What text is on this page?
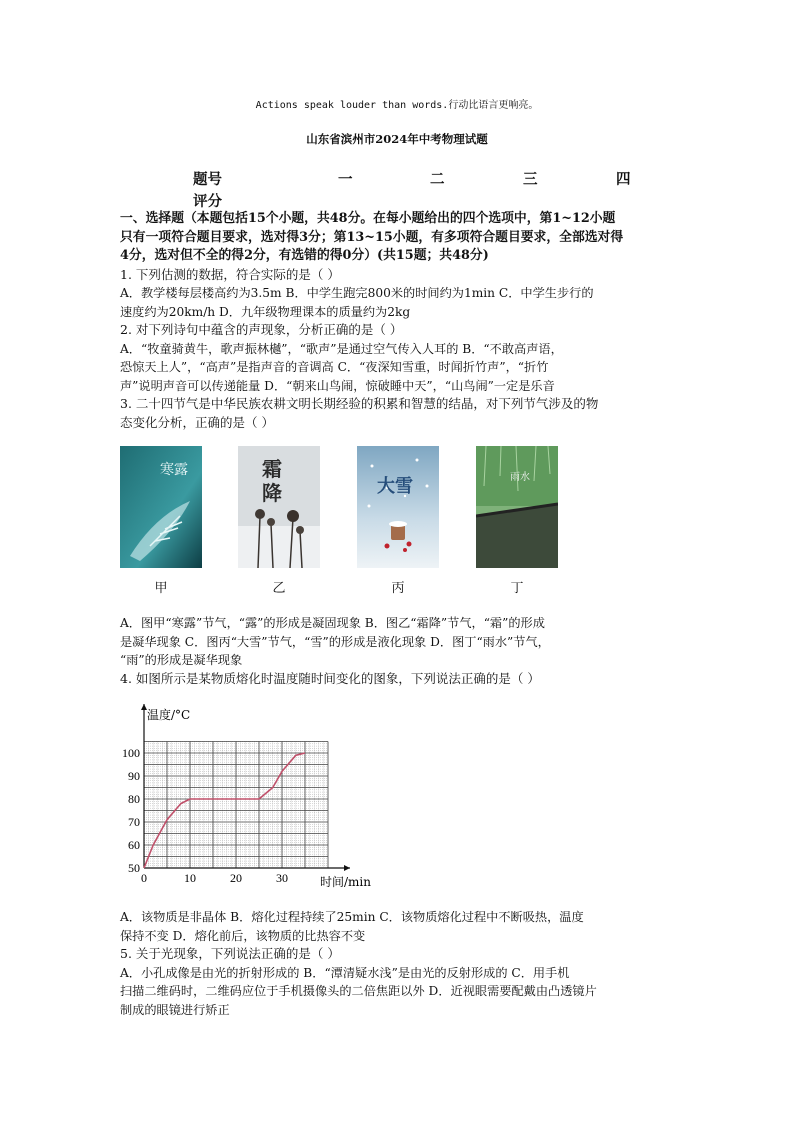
Actions speak louder than words.行动比语言更响亮。
山东省滨州市2024年中考物理试题
题号	一	二	三	四
评分
一、选择题（本题包括15个小题，共48分。在每小题给出的四个选项中，第1~12小题
只有一项符合题目要求，选对得3分；第13~15小题，有多项符合题目要求，全部选对得
4分，选对但不全的得2分，有选错的得0分）(共15题；共48分)
1. 下列估测的数据，符合实际的是（ ）
A．教学楼每层楼高约为3.5m B．中学生跑完800米的时间约为1min C．中学生步行的
速度约为20km/h D．九年级物理课本的质量约为2kg
2. 对下列诗句中蕴含的声现象，分析正确的是（ ）
A．“牧童骑黄牛，歌声振林樾”，“歌声”是通过空气传入人耳的 B．“不敢高声语，
恐惊天上人”，“高声”是指声音的音调高 C．“夜深知雪重，时闻折竹声”，“折竹
声”说明声音可以传递能量 D．“朝来山鸟闹，惊破睡中天”，“山鸟闹”一定是乐音
3. 二十四节气是中华民族农耕文明长期经验的积累和智慧的结晶，对下列节气涉及的物
态变化分析，正确的是（ ）
寒露	霜
降	大雪	雨水
甲	乙	丙	丁
A．图甲“寒露”节气，“露”的形成是凝固现象 B．图乙“霜降”节气，“霜”的形成
是凝华现象 C．图丙“大雪”节气，“雪”的形成是液化现象 D．图丁“雨水”节气，
“雨”的形成是凝华现象
4. 如图所示是某物质熔化时温度随时间变化的图象，下列说法正确的是（ ）
50
60
70
80
90
100
0	10	20	30
温度/°C
时间/min
A．该物质是非晶体 B．熔化过程持续了25min C．该物质熔化过程中不断吸热，温度
保持不变 D．熔化前后，该物质的比热容不变
5. 关于光现象，下列说法正确的是（ ）
A．小孔成像是由光的折射形成的 B．“潭清疑水浅”是由光的反射形成的 C．用手机
扫描二维码时，二维码应位于手机摄像头的二倍焦距以外 D．近视眼需要配戴由凸透镜片
制成的眼镜进行矫正
